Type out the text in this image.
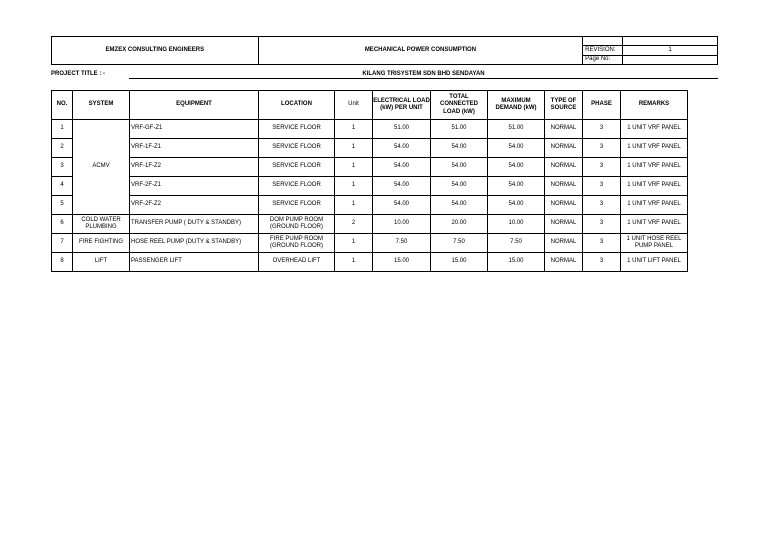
EMZEX CONSULTING ENGINEERS	MECHANICAL POWER CONSUMPTION		
		REVISION:	1
		Page No:	
PROJECT TITLE : -	KILANG TRISYSTEM SDN BHD SENDAYAN
NO.	SYSTEM	EQUIPMENT	LOCATION	Unit	ELECTRICAL LOAD (kW) PER UNIT	TOTAL CONNECTED LOAD (kW)	MAXIMUM DEMAND (kW)	TYPE OF SOURCE	PHASE	REMARKS
1	ACMV	VRF-GF-Z1	SERVICE FLOOR	1	51.00	51.00	51.00	NORMAL	3	1 UNIT VRF PANEL
2		VRF-1F-Z1	SERVICE FLOOR	1	54.00	54.00	54.00	NORMAL	3	1 UNIT VRF PANEL
3		VRF-1F-Z2	SERVICE FLOOR	1	54.00	54.00	54.00	NORMAL	3	1 UNIT VRF PANEL
4		VRF-2F-Z1	SERVICE FLOOR	1	54.00	54.00	54.00	NORMAL	3	1 UNIT VRF PANEL
5		VRF-2F-Z2	SERVICE FLOOR	1	54.00	54.00	54.00	NORMAL	3	1 UNIT VRF PANEL
6	COLD WATER PLUMBING	TRANSFER PUMP ( DUTY & STANDBY)	DOM PUMP ROOM (GROUND FLOOR)	2	10.00	20.00	10.00	NORMAL	3	1 UNIT VRF PANEL
7	FIRE FIGHTING	HOSE REEL PUMP (DUTY & STANDBY)	FIRE PUMP ROOM (GROUND FLOOR)	1	7.50	7.50	7.50	NORMAL	3	1 UNIT HOSE REEL PUMP PANEL
8	LIFT	PASSENGER LIFT	OVERHEAD LIFT	1	15.00	15.00	15.00	NORMAL	3	1 UNIT LIFT PANEL
